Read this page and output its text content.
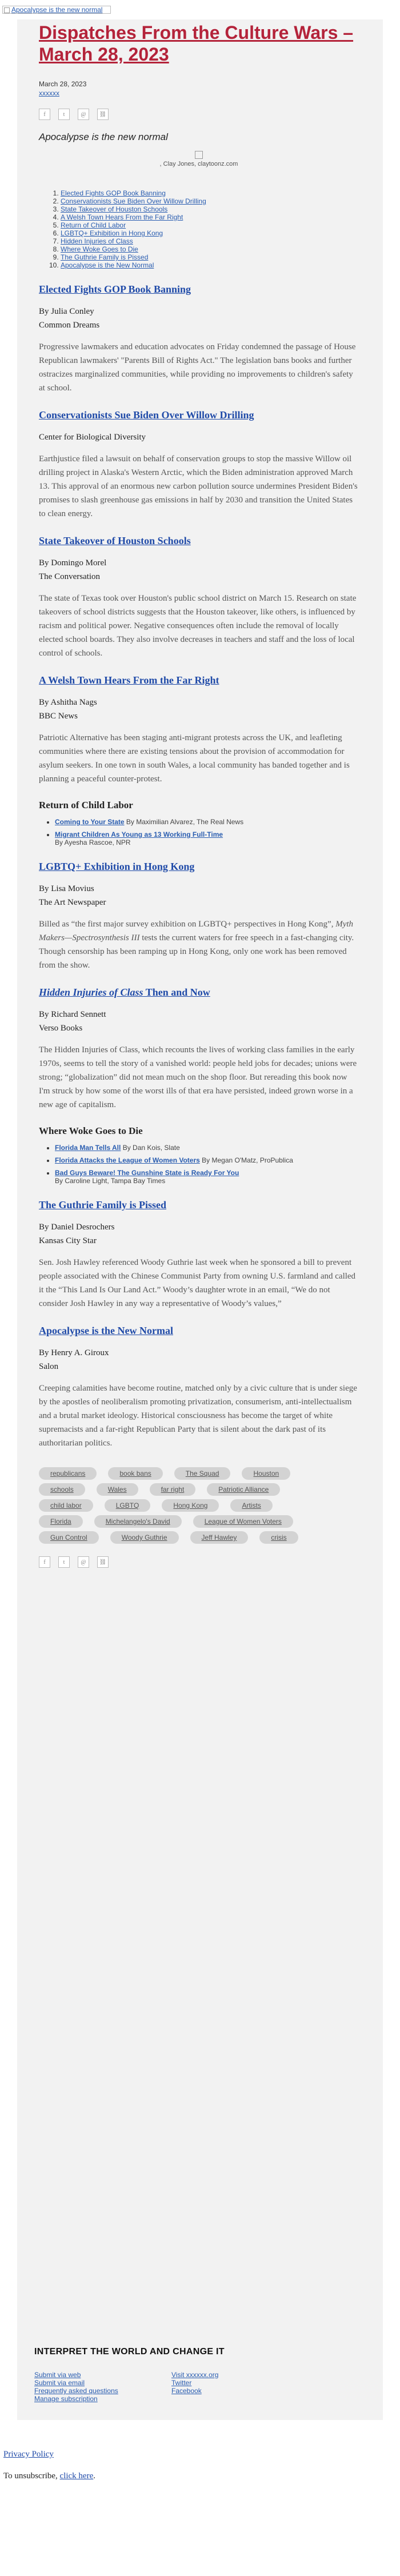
Apocalypse is the new normal
Dispatches From the Culture Wars – March 28, 2023
March 28, 2023
xxxxxx
f	t	@	⛓
Apocalypse is the new normal

, Clay Jones, claytoonz.com
1. Elected Fights GOP Book Banning
2. Conservationists Sue Biden Over Willow Drilling
3. State Takeover of Houston Schools
4. A Welsh Town Hears From the Far Right
5. Return of Child Labor
6. LGBTQ+ Exhibition in Hong Kong
7. Hidden Injuries of Class
8. Where Woke Goes to Die
9. The Guthrie Family is Pissed
10. Apocalypse is the New Normal
Elected Fights GOP Book Banning
By Julia Conley
Common Dreams
Progressive lawmakers and education advocates on Friday condemned the passage of House Republican lawmakers' "Parents Bill of Rights Act." The legislation bans books and further ostracizes marginalized communities, while providing no improvements to children's safety at school.
Conservationists Sue Biden Over Willow Drilling
Center for Biological Diversity
Earthjustice filed a lawsuit on behalf of conservation groups to stop the massive Willow oil drilling project in Alaska's Western Arctic, which the Biden administration approved March 13. This approval of an enormous new carbon pollution source undermines President Biden's promises to slash greenhouse gas emissions in half by 2030 and transition the United States to clean energy.
State Takeover of Houston Schools
By Domingo Morel
The Conversation
The state of Texas took over Houston's public school district on March 15. Research on state takeovers of school districts suggests that the Houston takeover, like others, is influenced by racism and political power. Negative consequences often include the removal of locally elected school boards. They also involve decreases in teachers and staff and the loss of local control of schools.
A Welsh Town Hears From the Far Right
By Ashitha Nags
BBC News
Patriotic Alternative has been staging anti-migrant protests across the UK, and leafleting communities where there are existing tensions about the provision of accommodation for asylum seekers. In one town in south Wales, a local community has banded together and is planning a peaceful counter-protest.
Return of Child Labor
• Coming to Your State By Maximilian Alvarez, The Real News
• Migrant Children As Young as 13 Working Full-Time
By Ayesha Rascoe, NPR
LGBTQ+ Exhibition in Hong Kong
By Lisa Movius
The Art Newspaper
Billed as “the first major survey exhibition on LGBTQ+ perspectives in Hong Kong”, Myth Makers—Spectrosynthesis III tests the current waters for free speech in a fast-changing city. Though censorship has been ramping up in Hong Kong, only one work has been removed from the show.
Hidden Injuries of Class Then and Now
By Richard Sennett
Verso Books
The Hidden Injuries of Class, which recounts the lives of working class families in the early 1970s, seems to tell the story of a vanished world: people held jobs for decades; unions were strong; “globalization” did not mean much on the shop floor. But rereading this book now I'm struck by how some of the worst ills of that era have persisted, indeed grown worse in a new age of capitalism.
Where Woke Goes to Die
• Florida Man Tells All By Dan Kois, Slate
• Florida Attacks the League of Women Voters By Megan O'Matz, ProPublica
• Bad Guys Beware! The Gunshine State is Ready For You
By Caroline Light, Tampa Bay Times
The Guthrie Family is Pissed
By Daniel Desrochers
Kansas City Star
Sen. Josh Hawley referenced Woody Guthrie last week when he sponsored a bill to prevent people associated with the Chinese Communist Party from owning U.S. farmland and called it the “This Land Is Our Land Act.” Woody’s daughter wrote in an email, “We do not consider Josh Hawley in any way a representative of Woody’s values,”
Apocalypse is the New Normal
By Henry A. Giroux
Salon
Creeping calamities have become routine, matched only by a civic culture that is under siege by the apostles of neoliberalism promoting privatization, consumerism, anti-intellectualism and a brutal market ideology. Historical consciousness has become the target of white supremacists and a far-right Republican Party that is silent about the dark past of its authoritarian politics.
republicans	book bans	The Squad	Houston
schools	Wales	far right	Patriotic Alliance
child labor	LGBTQ	Hong Kong	Artists
Florida	Michelangelo's David	League of Women Voters
Gun Control	Woody Guthrie	Jeff Hawley	crisis
f	t	@	⛓
INTERPRET THE WORLD AND CHANGE IT
Submit via web
Submit via email
Frequently asked questions
Manage subscription
Visit xxxxxx.org
Twitter
Facebook
Privacy Policy
To unsubscribe, click here.
